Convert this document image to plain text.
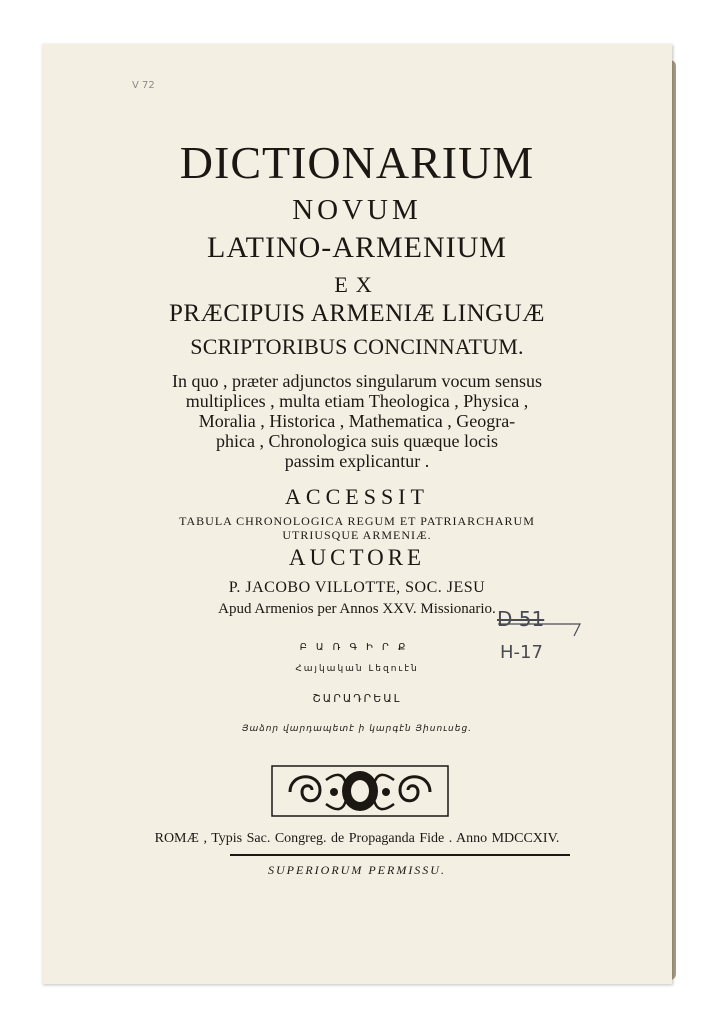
DICTIONARIUM
NOVUM
LATINO-ARMENIUM
EX
PRÆCIPUIS ARMENIÆ LINGUÆ
SCRIPTORIBUS CONCINNATUM.
In quo , præter adjunctos singularum vocum sensus
multiplices , multa etiam Theologica , Physica ,
Moralia , Historica , Mathematica , Geogra-
phica , Chronologica suis quæque locis
passim explicantur .
ACCESSIT
TABULA CHRONOLOGICA REGUM ET PATRIARCHARUM
UTRIUSQUE ARMENIÆ.
AUCTORE
P. JACOBO VILLOTTE, SOC. JESU
Apud Armenios per Annos XXV. Missionario.
ԲԱՌԳԻՐՔ
Հայկական Լեզուէն
ՇԱՐԱԴՐԵԱԼ
Յաձոր վարդապետէ ի կարգէն Յիսուսեց.
ROMÆ , Typis Sac. Congreg. de Propaganda Fide . Anno MDCCXIV.
SUPERIORUM PERMISSU.
D 51
H-17
V 72
